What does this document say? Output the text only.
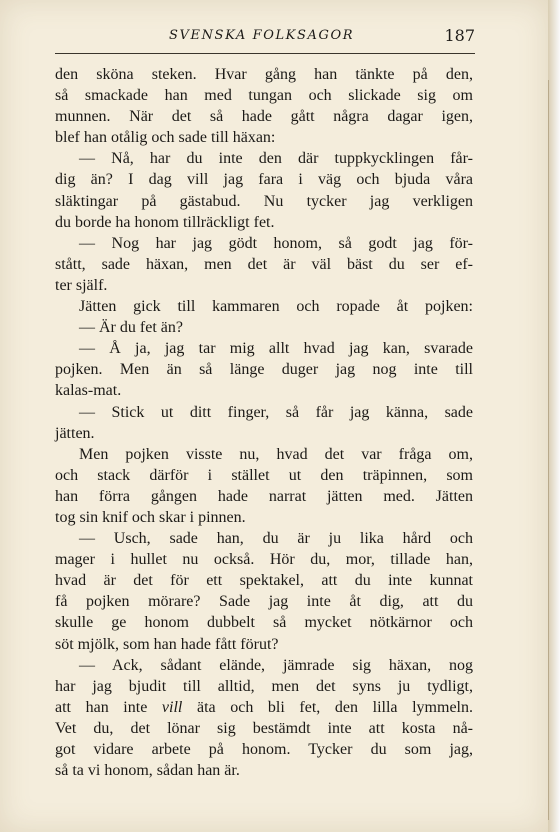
SVENSKA FOLKSAGOR	187
den sköna steken. Hvar gång han tänkte på den,
så smackade han med tungan och slickade sig om
munnen. När det så hade gått några dagar igen,
blef han otålig och sade till häxan:
— Nå, har du inte den där tuppkycklingen får-
dig än? I dag vill jag fara i väg och bjuda våra
släktingar på gästabud. Nu tycker jag verkligen
du borde ha honom tillräckligt fet.
— Nog har jag gödt honom, så godt jag för-
stått, sade häxan, men det är väl bäst du ser ef-
ter själf.
Jätten gick till kammaren och ropade åt pojken:
— Är du fet än?
— Å ja, jag tar mig allt hvad jag kan, svarade
pojken. Men än så länge duger jag nog inte till
kalas-mat.
— Stick ut ditt finger, så får jag känna, sade
jätten.
Men pojken visste nu, hvad det var fråga om,
och stack därför i stället ut den träpinnen, som
han förra gången hade narrat jätten med. Jätten
tog sin knif och skar i pinnen.
— Usch, sade han, du är ju lika hård och
mager i hullet nu också. Hör du, mor, tillade han,
hvad är det för ett spektakel, att du inte kunnat
få pojken mörare? Sade jag inte åt dig, att du
skulle ge honom dubbelt så mycket nötkärnor och
söt mjölk, som han hade fått förut?
— Ack, sådant elände, jämrade sig häxan, nog
har jag bjudit till alltid, men det syns ju tydligt,
att han inte vill äta och bli fet, den lilla lymmeln.
Vet du, det lönar sig bestämdt inte att kosta nå-
got vidare arbete på honom. Tycker du som jag,
så ta vi honom, sådan han är.
